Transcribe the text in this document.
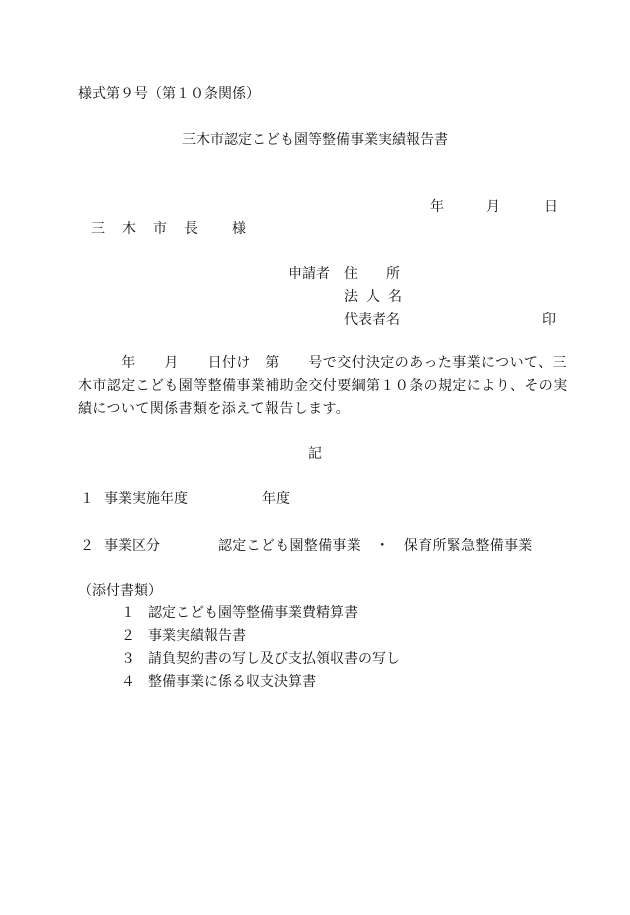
様式第９号（第１０条関係）
三木市認定こども園等整備事業実績報告書
年	月	日
三木市長 様
申請者 住所
法人名
代表者名	印
　　　年　　月　　日付け　第　　号で交付決定のあった事業について、三木市認定こども園等整備事業補助金交付要綱第１０条の規定により、その実績について関係書類を添えて報告します。
記
１ 事業実施年度	年度
２ 事業区分	認定こども園整備事業　・　保育所緊急整備事業
（添付書類）
１ 認定こども園等整備事業費精算書
２ 事業実績報告書
３ 請負契約書の写し及び支払領収書の写し
４ 整備事業に係る収支決算書
